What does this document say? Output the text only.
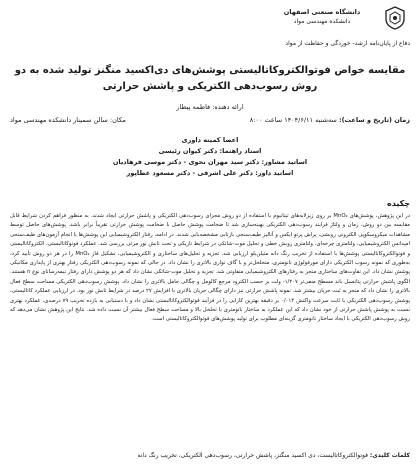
دانشگاه صنعتی اصفهان
دانشکده مهندسی مواد
دفاع از پایان‌نامه ارشد- خوردگی و حفاظت از مواد
مقایسه خواص فوتوالکتروکاتالیستی پوشش‌های دی‌اکسید منگنز تولید شده به دو روش رسوب‌دهی الکتریکی و پاشش حرارتی
ارائه دهنده: فاطمه پیطار
زمان (تاریخ و ساعت): سه‌شنبه ۱۴۰۴/۶/۱۱ ساعت ۸:۰۰
مکان: سالن سمینار دانشکده مهندسی مواد
اعضا کمیته داوری
استاد راهنما: دکتر کیوان رئیسی
اساتید مشاور: دکتر سید مهران نحوی - دکتر موسی فرهادیان
اساتید داور: دکتر علی اشرفی - دکتر مسعود عطاپور
چکیده

در این پژوهش، پوشش‌های MnO₂ بر روی زیرلایه‌های تیتانیوم با استفاده از دو روش مجزای رسوب‌دهی الکتریکی و پاشش حرارتی ایجاد شدند. به منظور فراهم کردن شرایط قابل مقایسه بین دو روش، زمان و ولتاژ فرایند رسوب‌دهی الکتریکی بهینه‌سازی شد تا ضخامت پوشش حاصل با ضخامت پوشش حرارتی تقریباً برابر باشد. پوشش‌های حاصل توسط مشاهدات میکروسکوپی الکترونی روبشی، پراش پرتو ایکس و آنالیز طیف‌سنجی بازتابی مشخصه‌یابی شدند. در ادامه، رفتار الکتروشیمیایی این پوشش‌ها با انجام آزمون‌های طیف‌سنجی امپدانس الکتروشیمیایی، ولتامتری چرخه‌ای، ولتامتری روبش خطی و تحلیل موت-شاتکی در شرایط تاریکی و تحت تابش نور مرئی بررسی شد. عملکرد فوتوکاتالیستی، الکتروکاتالیستی و فوتوالکتروکاتالیستی پوشش‌ها با استفاده از تخریب رنگ دانه متیلن‌بلو ارزیابی شد. تجزیه و تحلیل‌های ساختاری و الکتروشیمیایی، تشکیل فاز MnO₂ را در هر دو روش تأیید کرد، به‌طوری که نمونه رسوب الکتریکی دارای مورفولوژی نانومتری، متخلخل‌تر و با گاف نواری بالاتری را نشان داد. در حالی که نمونه رسوب‌دهی الکتریکی رفتار بهتری از پایداری مکانیکی پوشش نشان داد. این تفاوت‌های ساختاری منجر به رفتارهای الکتروشیمیایی متفاوتی شد. تجزیه و تحلیل موت-شاتکی نشان داد که هر دو پوشش دارای رفتار نیمه‌رسانای نوع n هستند. الگوی پاشش حرارتی پتانسیل باند مسطح منفی‌تر ۱/۲۰۷- ولت بر حسب الکترود مرجع کالومل و چگالی حامل بالاتری را نشان داد. پوشش رسوب‌دهی الکتریکی مساحت سطح فعال بالاتری را نشان داد که منجر به ثبت جریان بیشتر شد. نمونه پاشش حرارتی نیز دارای چگالی جریان بالاتری با افزایش ۲۷ درصد در شرایط تابش نور بود. در ارزیابی عملکرد کاتالیستی، پوشش رسوب‌دهی الکتریکی با ثابت سرعت واکنش ۰/۰۱۴ بر دقیقه بهترین کارایی را در فرآیند فوتوالکتروکاتالیستی نشان داد و با دستیابی به بازده تخریب ۷۹ درصدی، عملکرد بهتری نسبت به پوشش پاشش حرارتی از خود نشان داد که این عملکرد به ساختار نانومتری با تخلخل بالا و مساحت سطح فعال بیشتر آن نسبت داده شد. نتایج این پژوهش نشان می‌دهد که روش رسوب‌دهی الکتریکی با ایجاد ساختار نانومتری گزینه‌ای مطلوب برای تولید پوشش‌های فوتوالکتروکاتالیستی است.

کلمات کلیدی: فوتوالکتروکاتالیست، دی اکسید منگنز، پاشش حرارتی، رسوب‌دهی الکتریکی، تخریب رنگ دانه
